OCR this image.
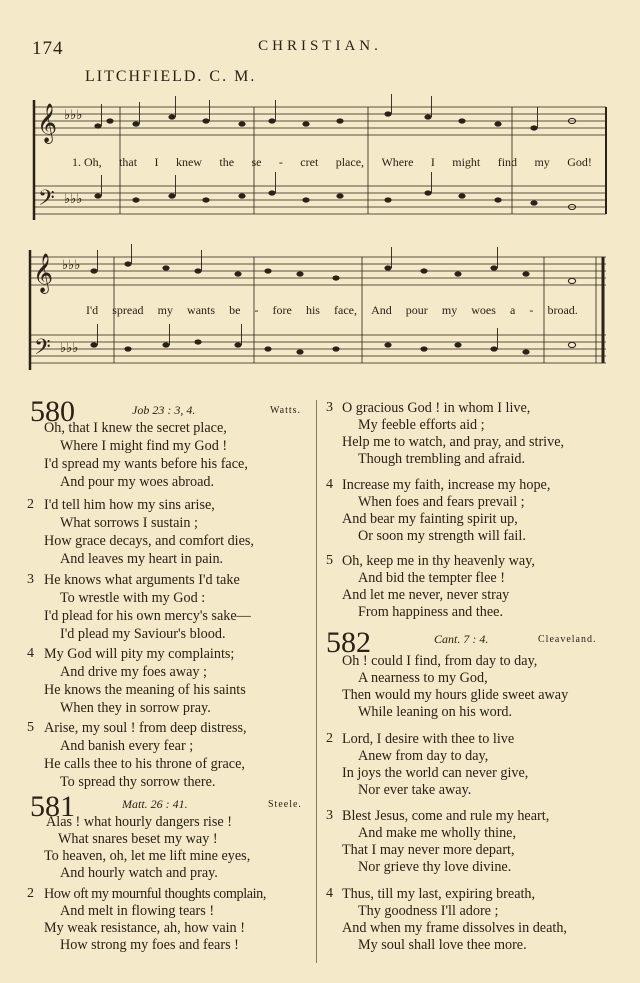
174	CHRISTIAN.
LITCHFIELD. C. M.
𝄞
𝄢
𝄞
𝄢
♭♭♭
♭♭♭
♭♭♭
♭♭♭
1. Oh, that I knew the se - cret place, Where I might find my God!
I'd spread my wants be - fore his face, And pour my woes a - broad.
580	Job 23 : 3, 4.	Watts.
Oh, that I knew the secret place,
Where I might find my God !
I'd spread my wants before his face,
And pour my woes abroad.
2 I'd tell him how my sins arise,
What sorrows I sustain ;
How grace decays, and comfort dies,
And leaves my heart in pain.
3 He knows what arguments I'd take
To wrestle with my God :
I'd plead for his own mercy's sake—
I'd plead my Saviour's blood.
4 My God will pity my complaints;
And drive my foes away ;
He knows the meaning of his saints
When they in sorrow pray.
5 Arise, my soul ! from deep distress,
And banish every fear ;
He calls thee to his throne of grace,
To spread thy sorrow there.
581	Matt. 26 : 41.	Steele.
Alas ! what hourly dangers rise !
What snares beset my way !
To heaven, oh, let me lift mine eyes,
And hourly watch and pray.
2 How oft my mournful thoughts complain,
And melt in flowing tears !
My weak resistance, ah, how vain !
How strong my foes and fears !
3 O gracious God ! in whom I live,
My feeble efforts aid ;
Help me to watch, and pray, and strive,
Though trembling and afraid.
4 Increase my faith, increase my hope,
When foes and fears prevail ;
And bear my fainting spirit up,
Or soon my strength will fail.
5 Oh, keep me in thy heavenly way,
And bid the tempter flee !
And let me never, never stray
From happiness and thee.
582	Cant. 7 : 4.	Cleaveland.
Oh ! could I find, from day to day,
A nearness to my God,
Then would my hours glide sweet away
While leaning on his word.
2 Lord, I desire with thee to live
Anew from day to day,
In joys the world can never give,
Nor ever take away.
3 Blest Jesus, come and rule my heart,
And make me wholly thine,
That I may never more depart,
Nor grieve thy love divine.
4 Thus, till my last, expiring breath,
Thy goodness I'll adore ;
And when my frame dissolves in death,
My soul shall love thee more.
